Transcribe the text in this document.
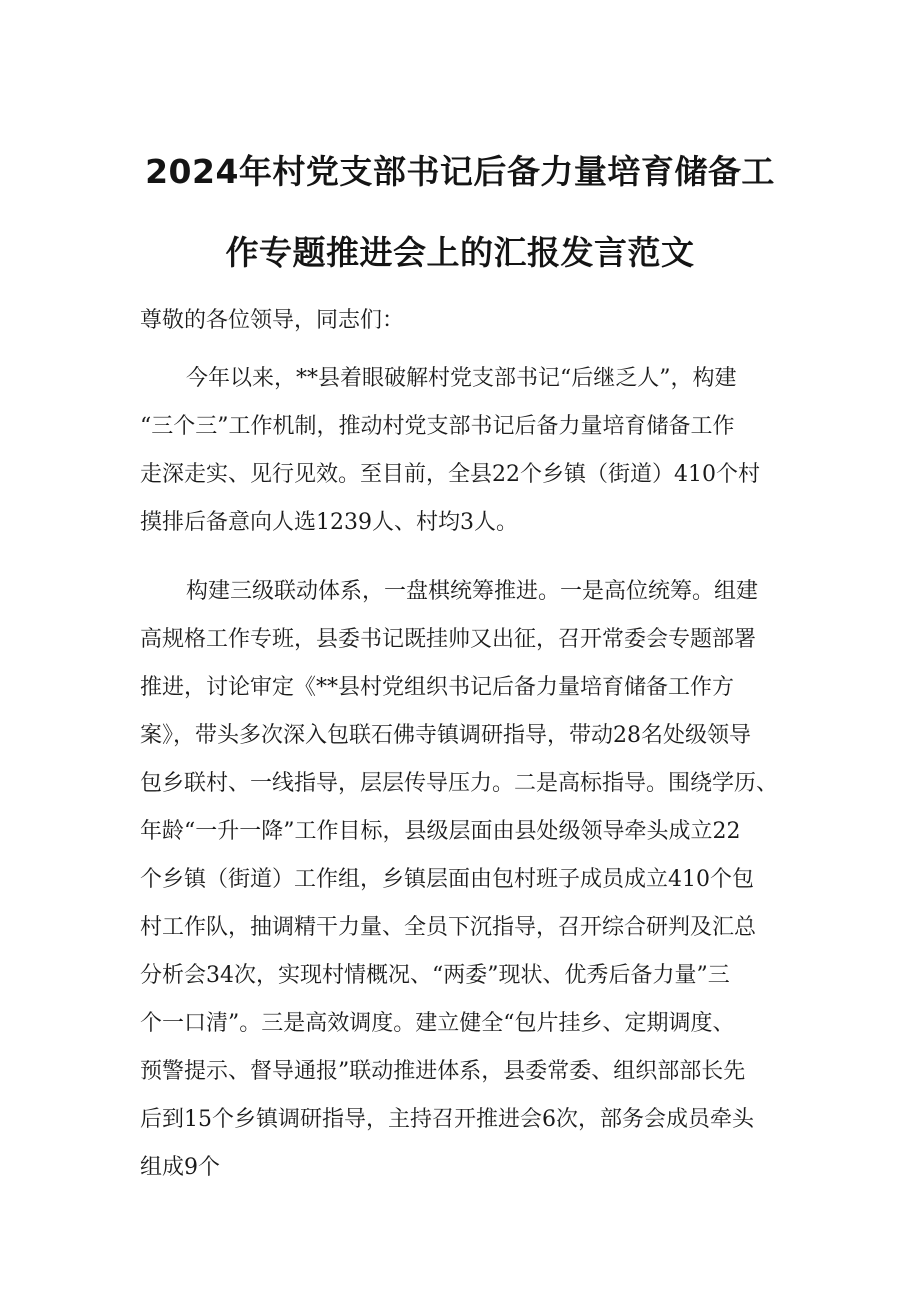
2024年村党支部书记后备力量培育储备工
作专题推进会上的汇报发言范文
尊敬的各位领导，同志们：
今年以来，**县着眼破解村党支部书记“后继乏人”，构建
“三个三”工作机制，推动村党支部书记后备力量培育储备工作
走深走实、见行见效。至目前，全县22个乡镇（街道）410个村
摸排后备意向人选1239人、村均3人。
构建三级联动体系，一盘棋统筹推进。一是高位统筹。组建
高规格工作专班，县委书记既挂帅又出征，召开常委会专题部署
推进，讨论审定《**县村党组织书记后备力量培育储备工作方
案》，带头多次深入包联石佛寺镇调研指导，带动28名处级领导
包乡联村、一线指导，层层传导压力。二是高标指导。围绕学历、
年龄“一升一降”工作目标，县级层面由县处级领导牵头成立22
个乡镇（街道）工作组，乡镇层面由包村班子成员成立410个包
村工作队，抽调精干力量、全员下沉指导，召开综合研判及汇总
分析会34次，实现村情概况、“两委”现状、优秀后备力量”三
个一口清”。三是高效调度。建立健全“包片挂乡、定期调度、
预警提示、督导通报”联动推进体系，县委常委、组织部部长先
后到15个乡镇调研指导，主持召开推进会6次，部务会成员牵头
组成9个
